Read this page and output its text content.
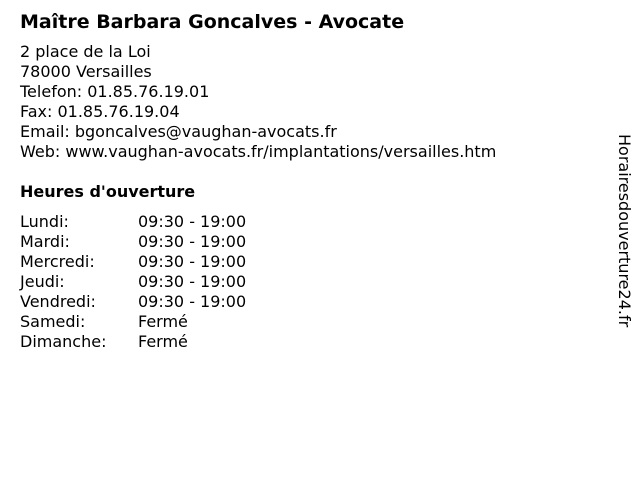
Maître Barbara Goncalves - Avocate
2 place de la Loi
78000 Versailles
Telefon: 01.85.76.19.01
Fax: 01.85.76.19.04
Email: bgoncalves@vaughan-avocats.fr
Web: www.vaughan-avocats.fr/implantations/versailles.htm
Heures d'ouverture
Lundi:	09:30 - 19:00
Mardi:	09:30 - 19:00
Mercredi:	09:30 - 19:00
Jeudi:	09:30 - 19:00
Vendredi:	09:30 - 19:00
Samedi:	Fermé
Dimanche:	Fermé
Horairesdouverture24.fr
